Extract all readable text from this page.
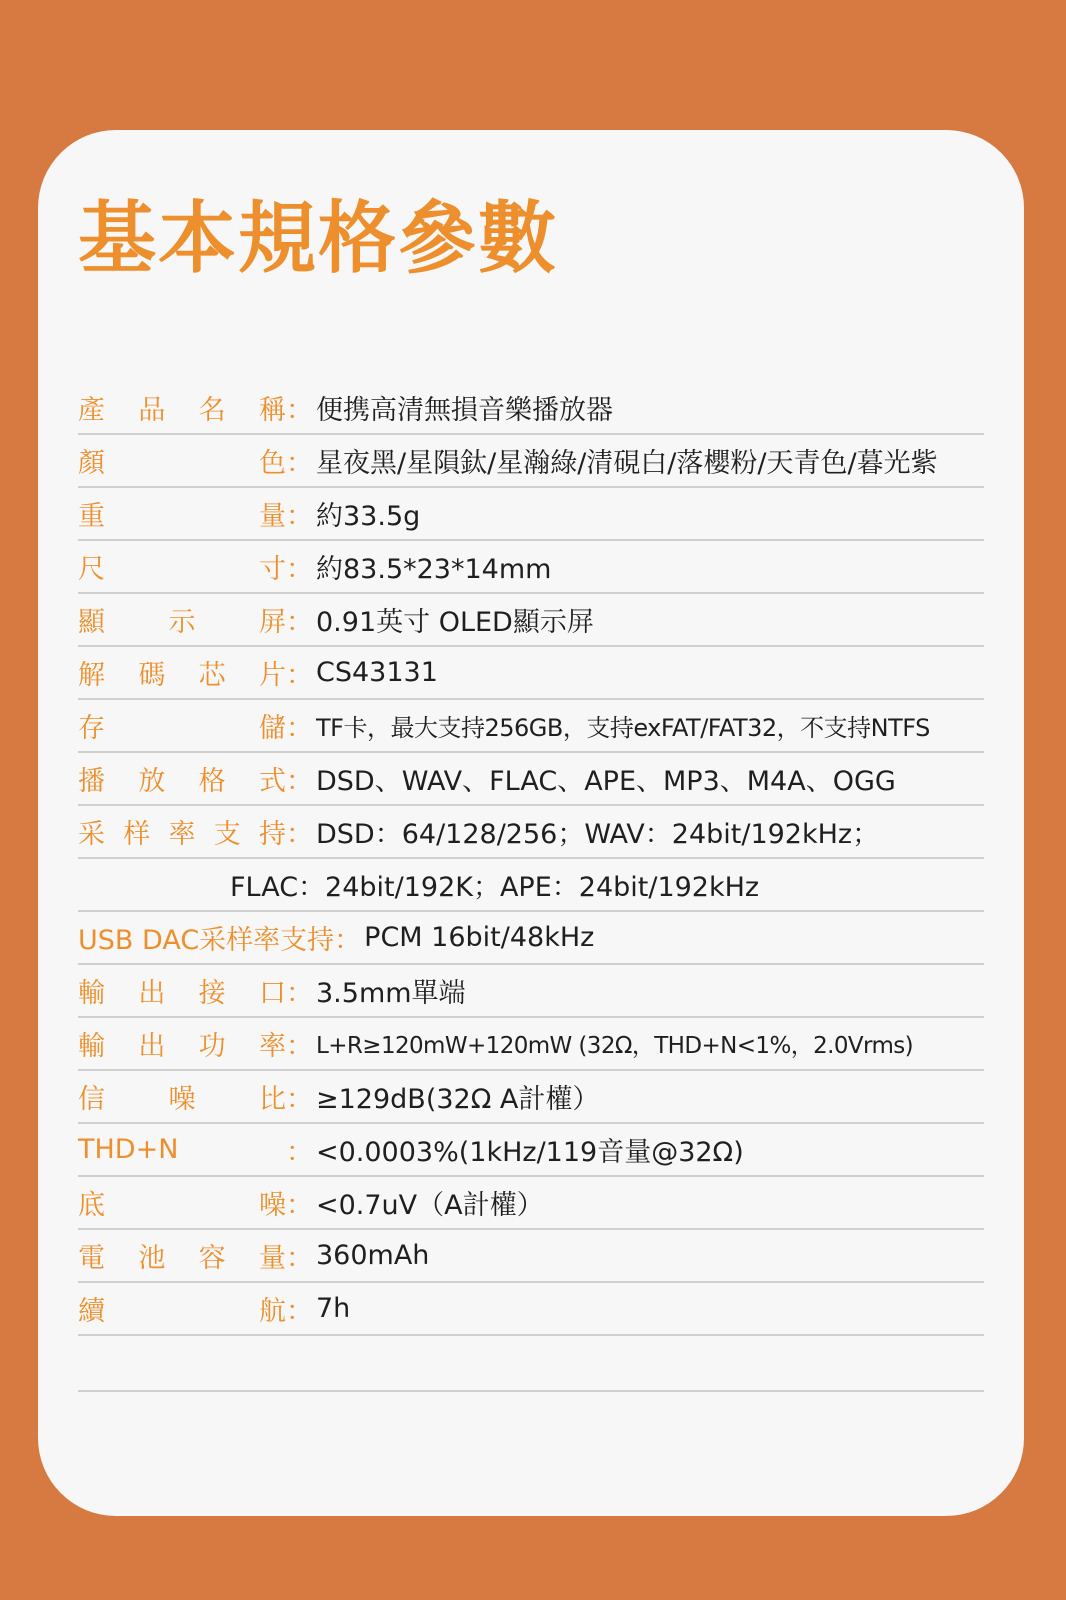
基本規格參數
產品名稱 ： 便携高清無損音樂播放器
顏色 ： 星夜黑/星隕鈦/星瀚綠/清硯白/落櫻粉/天青色/暮光紫
重量 ： 約33.5g
尺寸 ： 約83.5*23*14mm
顯示屏 ： 0.91英寸 OLED顯示屏
解碼芯片 ： CS43131
存儲 ： TF卡，最大支持256GB，支持exFAT/FAT32，不支持NTFS
播放格式 ： DSD、WAV、FLAC、APE、MP3、M4A、OGG
采样率支持 ： DSD：64/128/256；WAV：24bit/192kHz；
FLAC：24bit/192K；APE：24bit/192kHz
USB DAC采样率支持 ： PCM 16bit/48kHz
輸出接口 ： 3.5mm單端
輸出功率 ： L+R≥120mW+120mW (32Ω，THD+N<1%，2.0Vrms)
信噪比 ： ≥129dB(32Ω A計權）
THD+N	： <0.0003%(1kHz/119音量@32Ω)
底噪 ： <0.7uV（A計權）
電池容量 ： 360mAh
續航 ： 7h
